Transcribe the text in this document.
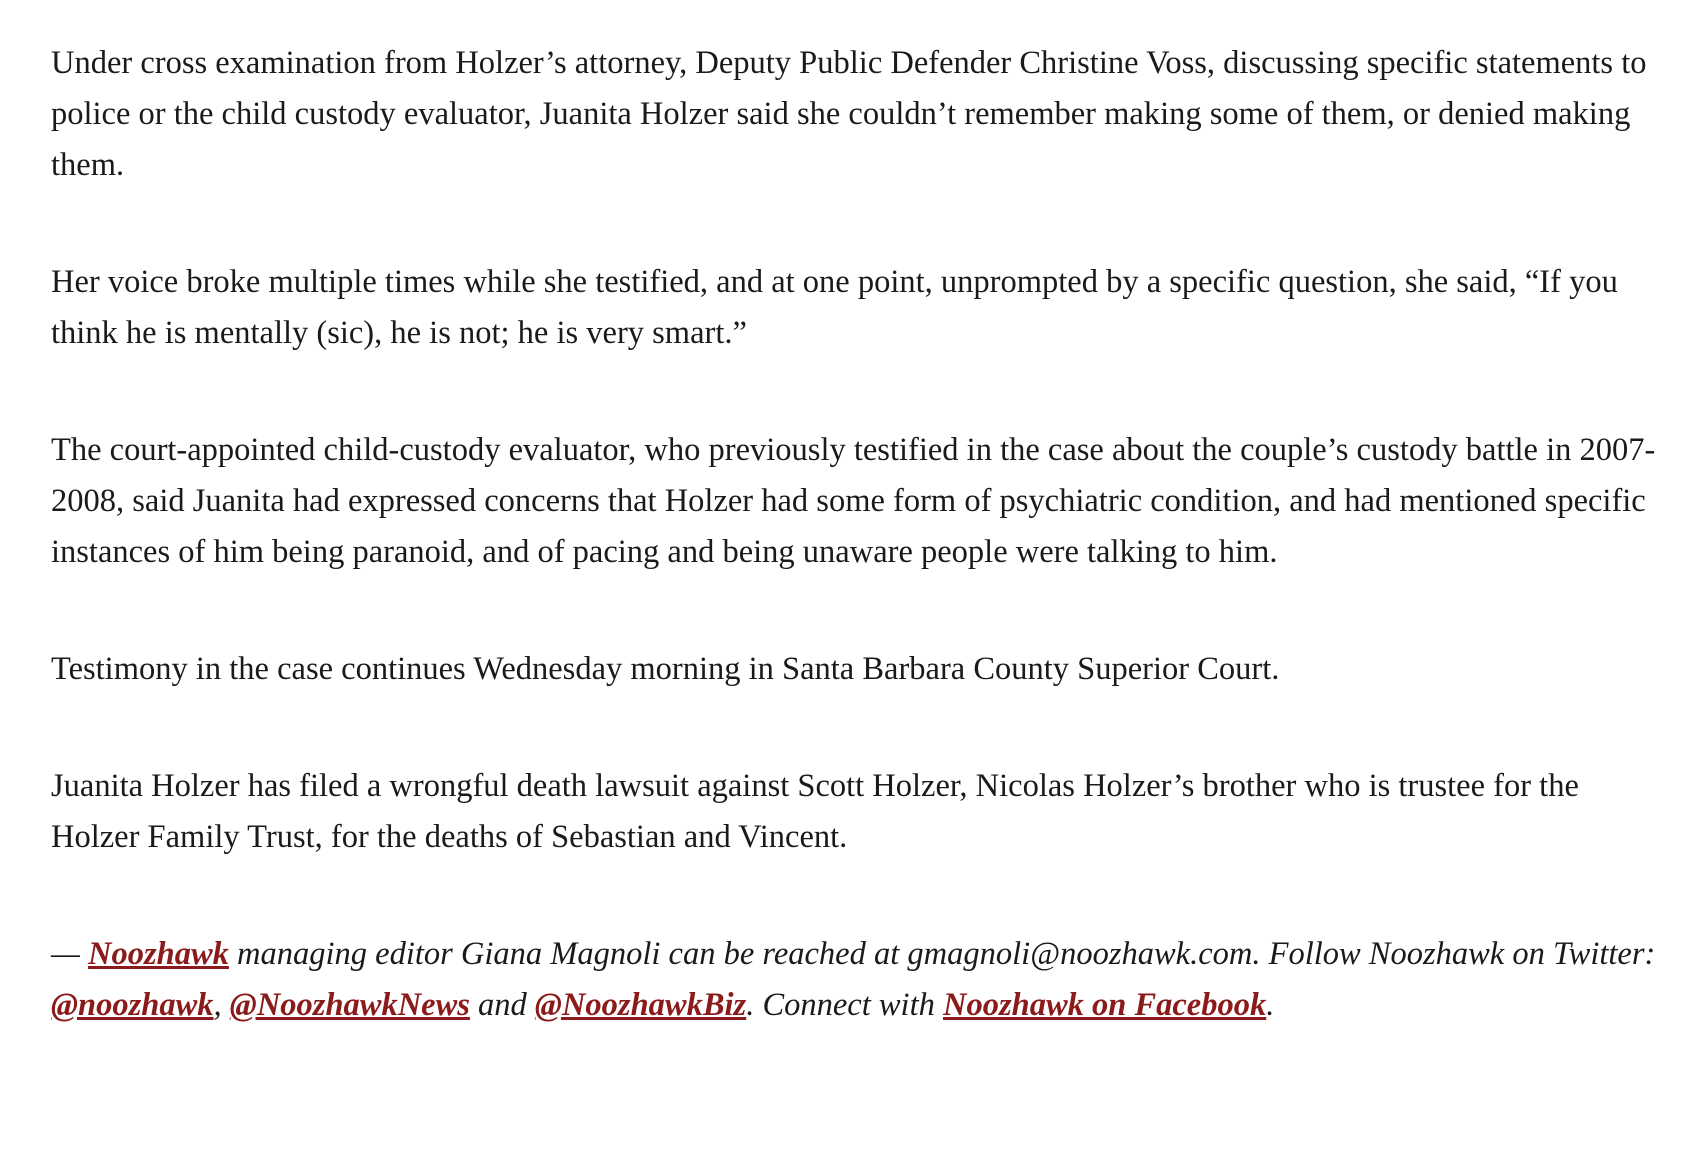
Under cross examination from Holzer’s attorney, Deputy Public Defender Christine Voss, discussing specific statements to police or the child custody evaluator, Juanita Holzer said she couldn’t remember making some of them, or denied making them.

Her voice broke multiple times while she testified, and at one point, unprompted by a specific question, she said, “If you think he is mentally (sic), he is not; he is very smart.”

The court-appointed child-custody evaluator, who previously testified in the case about the couple’s custody battle in 2007-2008, said Juanita had expressed concerns that Holzer had some form of psychiatric condition, and had mentioned specific instances of him being paranoid, and of pacing and being unaware people were talking to him.

Testimony in the case continues Wednesday morning in Santa Barbara County Superior Court.

Juanita Holzer has filed a wrongful death lawsuit against Scott Holzer, Nicolas Holzer’s brother who is trustee for the Holzer Family Trust, for the deaths of Sebastian and Vincent.

— Noozhawk managing editor Giana Magnoli can be reached at gmagnoli@noozhawk.com. Follow Noozhawk on Twitter: @noozhawk, @NoozhawkNews and @NoozhawkBiz. Connect with Noozhawk on Facebook.
